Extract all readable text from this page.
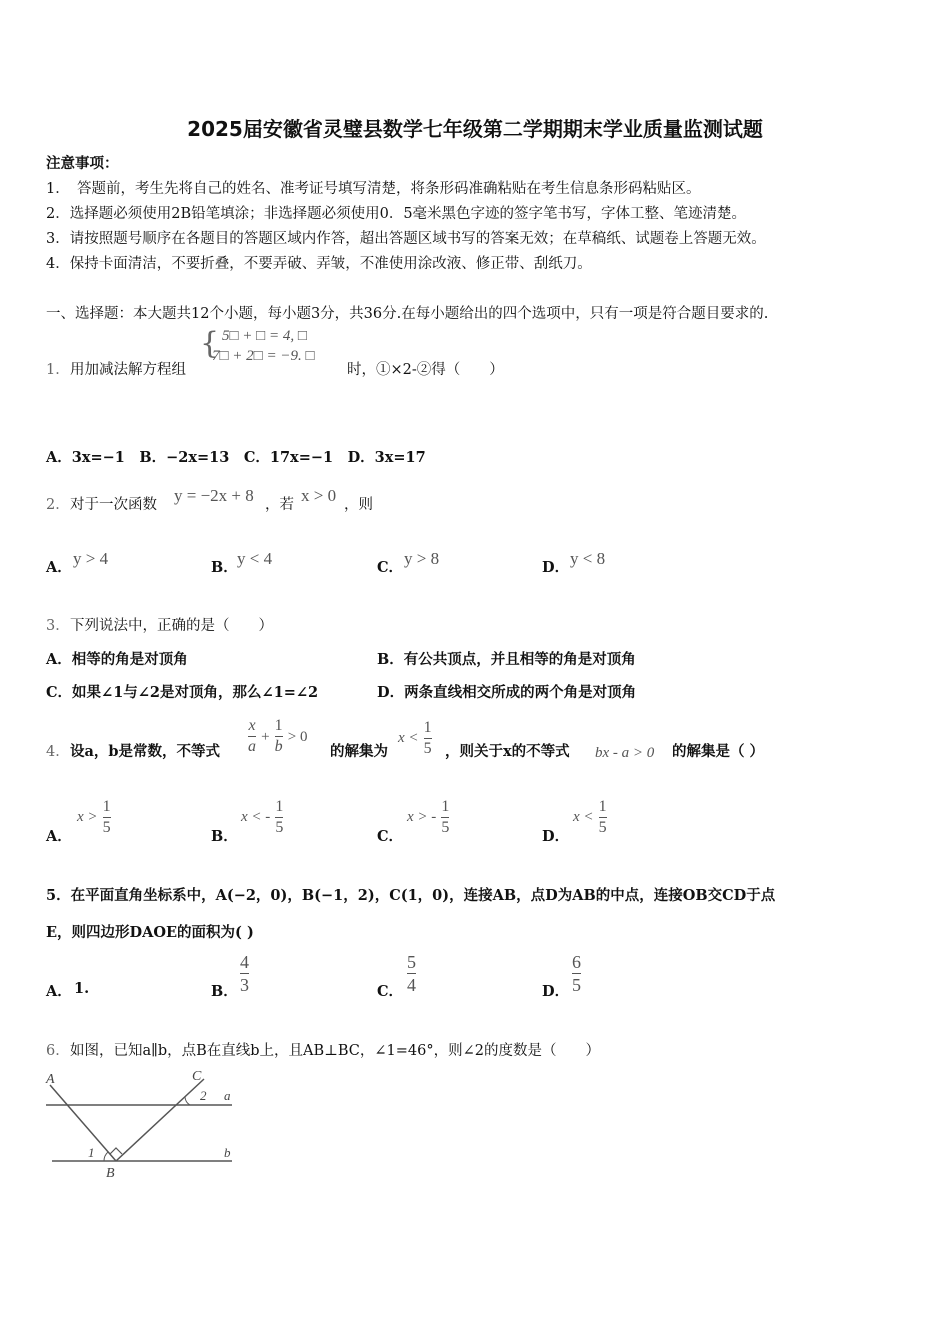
2025届安徽省灵璧县数学七年级第二学期期末学业质量监测试题
注意事项：
1．　答题前，考生先将自己的姓名、准考证号填写清楚，将条形码准确粘贴在考生信息条形码粘贴区。
2．选择题必须使用2B铅笔填涂；非选择题必须使用0．5毫米黑色字迹的签字笔书写，字体工整、笔迹清楚。
3．请按照题号顺序在各题目的答题区域内作答，超出答题区域书写的答案无效；在草稿纸、试题卷上答题无效。
4．保持卡面清洁，不要折叠，不要弄破、弄皱，不准使用涂改液、修正带、刮纸刀。
一、选择题：本大题共12个小题，每小题3分，共36分.在每小题给出的四个选项中，只有一项是符合题目要求的.
1． 用加减法解方程组
{ 5□ + □ = 4, □
7□ + 2□ = −9. □
时，①×2-②得（　　）
A．3x=−1　B．−2x=13　C．17x=−1　D．3x=17
2． 对于一次函数 y = −2x + 8 ，若 x > 0 ，则
A． y > 4	B． y < 4	C． y > 8	D． y < 8
3． 下列说法中，正确的是（　　）
A．相等的角是对顶角	B．有公共顶点，并且相等的角是对顶角
C．如果∠1与∠2是对顶角，那么∠1=∠2	D．两条直线相交所成的两个角是对顶角
4． 设a，b是常数，不等式 $\frac{x}{a} + \frac{1}{b} > 0$
的解集为
$x < \frac{1}{5}$ ，则关于x的不等式 bx - a > 0 的解集是（ ）
A．
$x > \frac{1}{5}$
B．
x < - $\frac{1}{5}$
C．
x > - $\frac{1}{5}$
D．
$x < \frac{1}{5}$
5．在平面直角坐标系中，A(−2，0)，B(−1，2)，C(1，0)，连接AB，点D为AB的中点，连接OB交CD于点
E，则四边形DAOE的面积为( )
A． 1.	B． $\frac{4}{3}$	C． $\frac{5}{4}$	D． $\frac{6}{5}$
6． 如图，已知a∥b，点B在直线b上，且AB⊥BC，∠1=46°，则∠2的度数是（　　）
A	C
2 a
1
B
b
